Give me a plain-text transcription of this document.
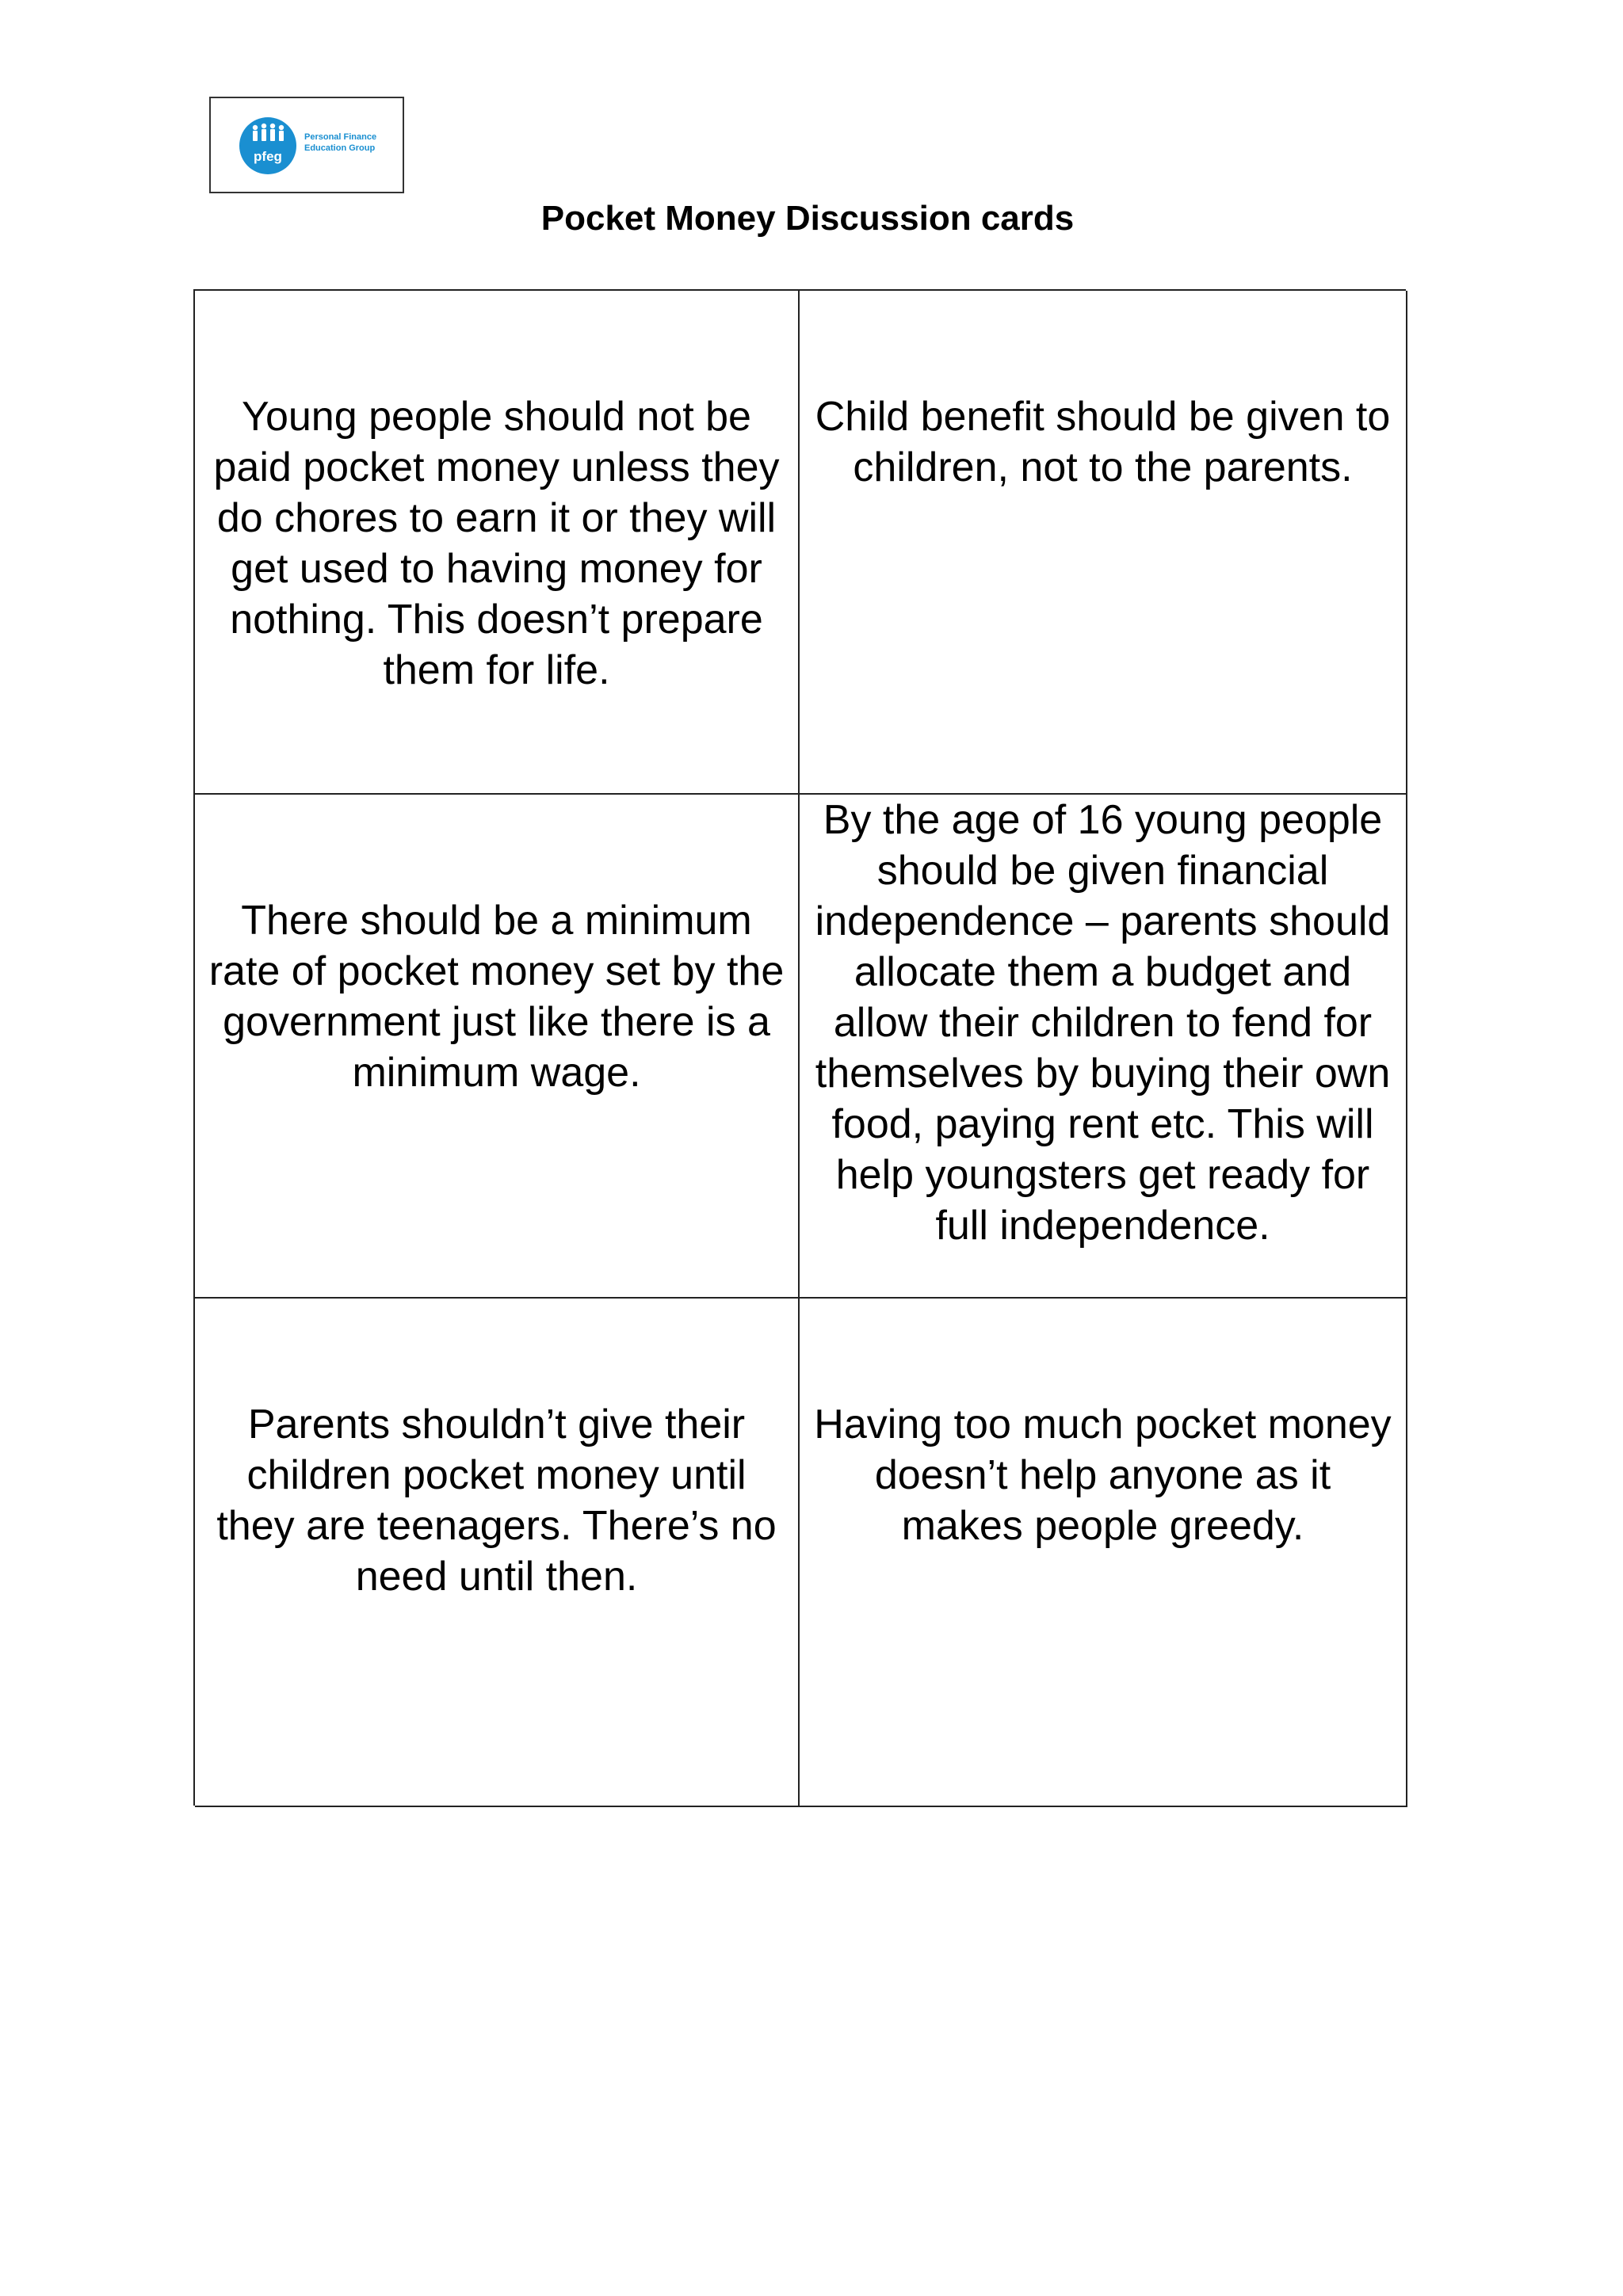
pfeg
Personal Finance
Education Group
Pocket Money Discussion cards
Young people should not be paid pocket money unless they do chores to earn it or they will get used to having money for nothing. This doesn’t prepare them for life.
Child benefit should be given to children, not to the parents.
There should be a minimum rate of pocket money set by the government just like there is a minimum wage.
By the age of 16 young people should be given financial independence – parents should allocate them a budget and allow their children to fend for themselves by buying their own food, paying rent etc. This will help youngsters get ready for full independence.
Parents shouldn’t give their children pocket money until they are teenagers. There’s no need until then.
Having too much pocket money doesn’t help anyone as it makes people greedy.
